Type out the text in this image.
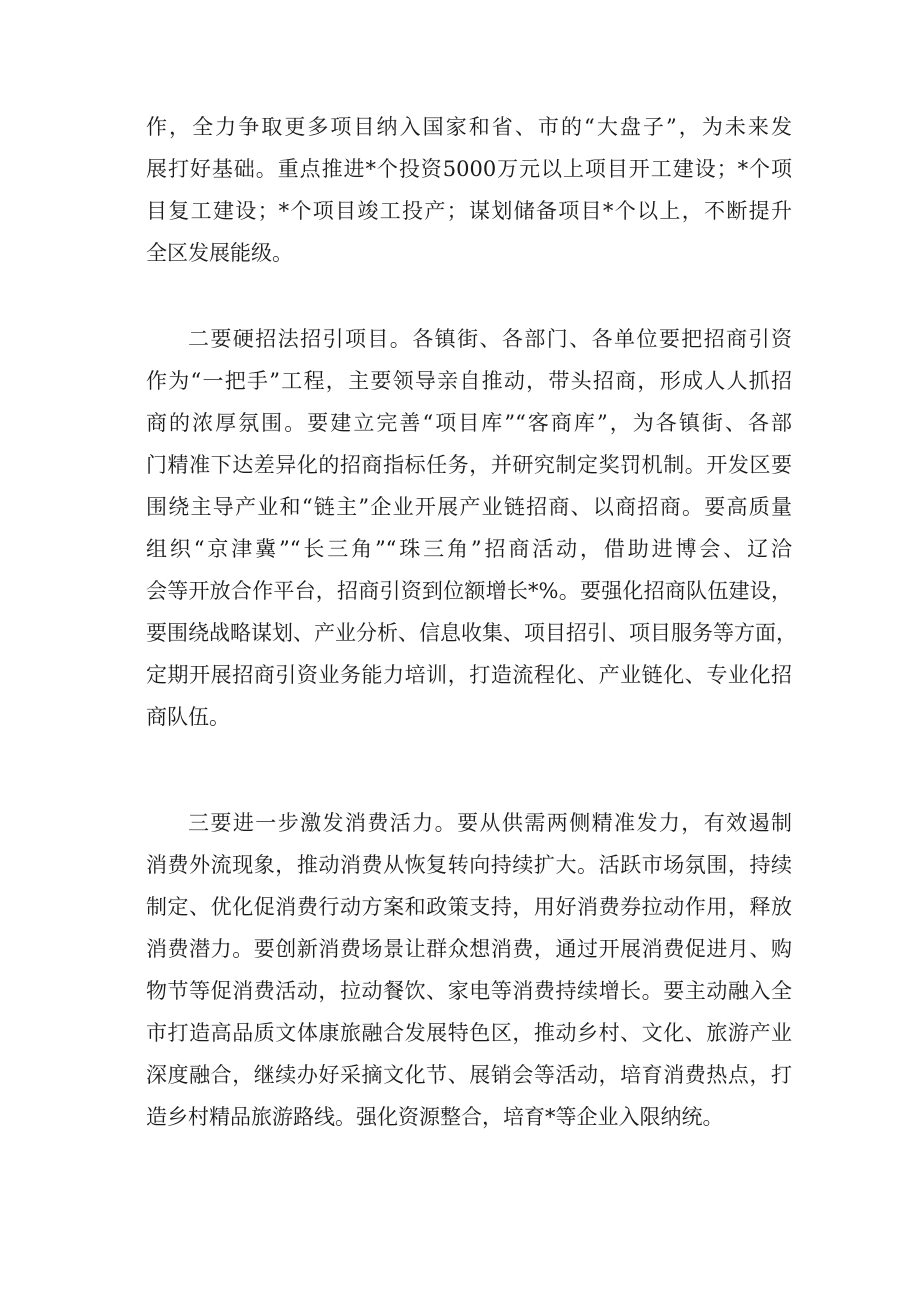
作，全力争取更多项目纳入国家和省、市的“大盘子”，为未来发
展打好基础。重点推进*个投资5000万元以上项目开工建设；*个项
目复工建设；*个项目竣工投产；谋划储备项目*个以上，不断提升
全区发展能级。
二要硬招法招引项目。各镇街、各部门、各单位要把招商引资
作为“一把手”工程，主要领导亲自推动，带头招商，形成人人抓招
商的浓厚氛围。要建立完善“项目库”“客商库”，为各镇街、各部
门精准下达差异化的招商指标任务，并研究制定奖罚机制。开发区要
围绕主导产业和“链主”企业开展产业链招商、以商招商。要高质量
组织“京津冀”“长三角”“珠三角”招商活动，借助进博会、辽洽
会等开放合作平台，招商引资到位额增长*%。要强化招商队伍建设，
要围绕战略谋划、产业分析、信息收集、项目招引、项目服务等方面，
定期开展招商引资业务能力培训，打造流程化、产业链化、专业化招
商队伍。
三要进一步激发消费活力。要从供需两侧精准发力，有效遏制
消费外流现象，推动消费从恢复转向持续扩大。活跃市场氛围，持续
制定、优化促消费行动方案和政策支持，用好消费券拉动作用，释放
消费潜力。要创新消费场景让群众想消费，通过开展消费促进月、购
物节等促消费活动，拉动餐饮、家电等消费持续增长。要主动融入全
市打造高品质文体康旅融合发展特色区，推动乡村、文化、旅游产业
深度融合，继续办好采摘文化节、展销会等活动，培育消费热点，打
造乡村精品旅游路线。强化资源整合，培育*等企业入限纳统。
